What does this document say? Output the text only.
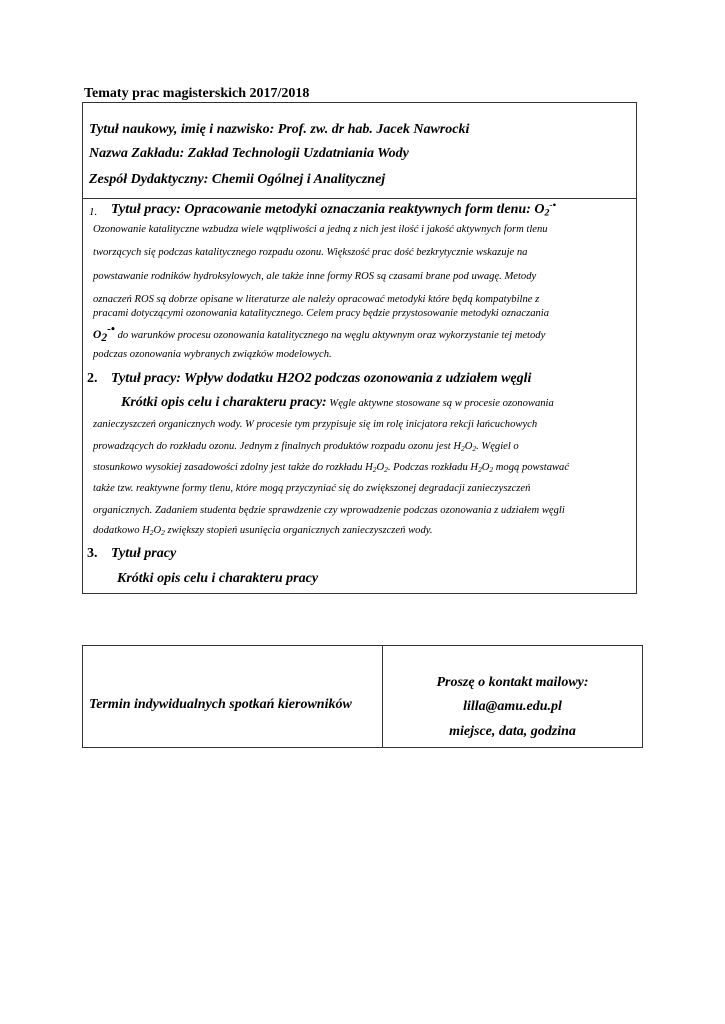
Tematy prac magisterskich 2017/2018
Tytuł naukowy, imię i nazwisko: Prof. zw. dr hab. Jacek Nawrocki
Nazwa Zakładu: Zakład Technologii Uzdatniania Wody
Zespół Dydaktyczny: Chemii Ogólnej i Analitycznej
1. Tytuł pracy: Opracowanie metodyki oznaczania reaktywnych form tlenu: $O_2^{-•}$
Ozonowanie katalityczne wzbudza wiele wątpliwości a jedną z nich jest ilość i jakość aktywnych form tlenu
tworzących się podczas katalitycznego rozpadu ozonu. Większość prac dość bezkrytycznie wskazuje na
powstawanie rodników hydroksylowych, ale także inne formy ROS są czasami brane pod uwagę. Metody
oznaczeń ROS są dobrze opisane w literaturze ale należy opracować metodyki które będą kompatybilne z
pracami dotyczącymi ozonowania katalitycznego. Celem pracy będzie przystosowanie metodyki oznaczania
$O_2^{-•}$ do warunków procesu ozonowania katalitycznego na węglu aktywnym oraz wykorzystanie tej metody
podczas ozonowania wybranych związków modelowych.
2. Tytuł pracy: Wpływ dodatku H2O2 podczas ozonowania z udziałem węgli
Krótki opis celu i charakteru pracy: Węgle aktywne stosowane są w procesie ozonowania
zanieczyszczeń organicznych wody. W procesie tym przypisuje się im rolę inicjatora rekcji łańcuchowych
prowadzących do rozkładu ozonu. Jednym z finalnych produktów rozpadu ozonu jest $H_2O_2$. Węgiel o
stosunkowo wysokiej zasadowości zdolny jest także do rozkładu $H_2O_2$. Podczas rozkładu $H_2O_2$ mogą powstawać
także tzw. reaktywne formy tlenu, które mogą przyczyniać się do zwiększonej degradacji zanieczyszczeń
organicznych. Zadaniem studenta będzie sprawdzenie czy wprowadzenie podczas ozonowania z udziałem węgli
dodatkowo $H_2O_2$ zwiększy stopień usunięcia organicznych zanieczyszczeń wody.
3. Tytuł pracy
Krótki opis celu i charakteru pracy
Termin indywidualnych spotkań kierowników
Proszę o kontakt mailowy:
lilla@amu.edu.pl
miejsce, data, godzina
